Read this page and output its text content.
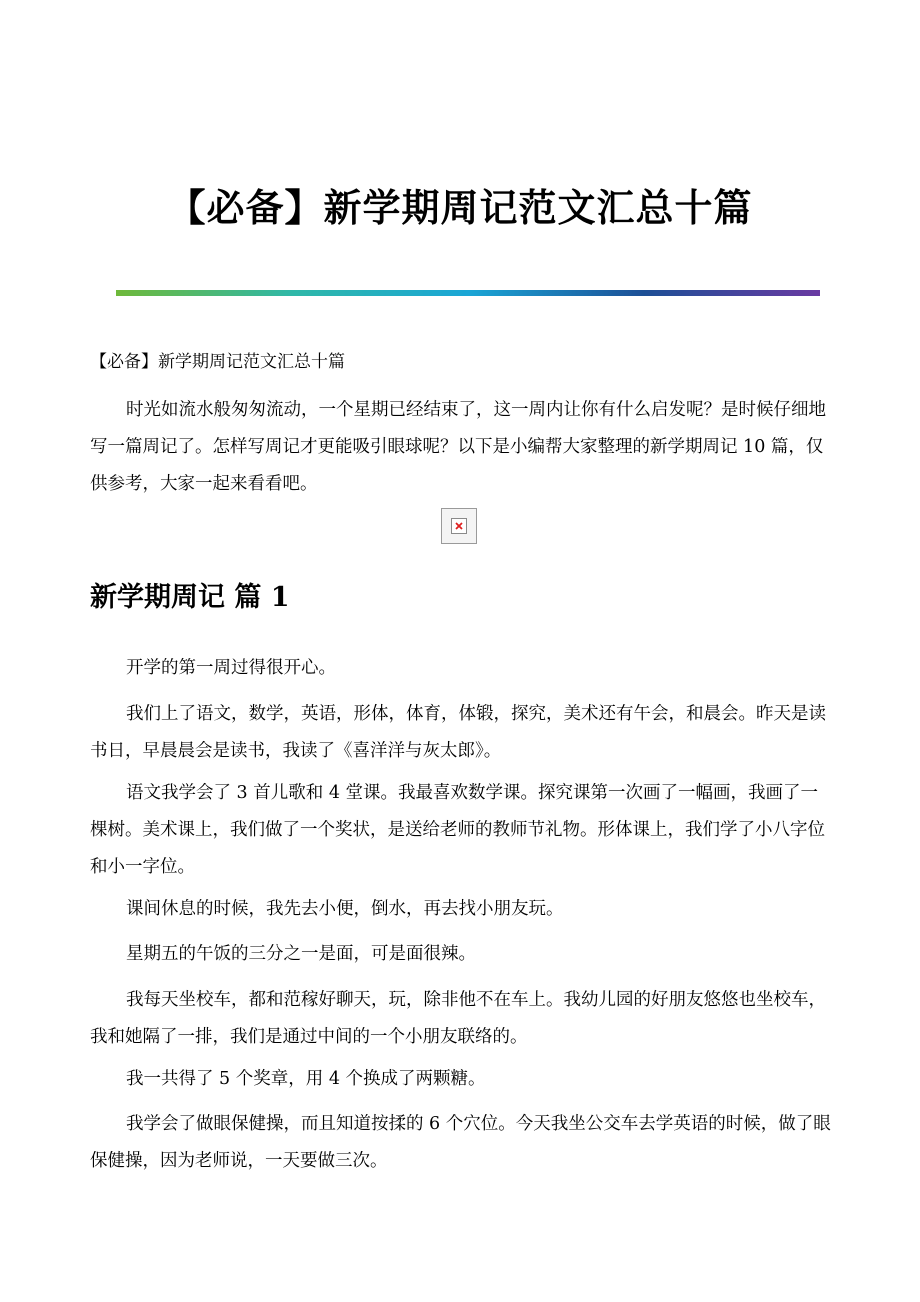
【必备】新学期周记范文汇总十篇
【必备】新学期周记范文汇总十篇

时光如流水般匆匆流动，一个星期已经结束了，这一周内让你有什么启发呢？是时候仔细地写一篇周记了。怎样写周记才更能吸引眼球呢？以下是小编帮大家整理的新学期周记 10 篇，仅供参考，大家一起来看看吧。

新学期周记 篇 1

开学的第一周过得很开心。

我们上了语文，数学，英语，形体，体育，体锻，探究，美术还有午会，和晨会。昨天是读书日，早晨晨会是读书，我读了《喜洋洋与灰太郎》。

语文我学会了 3 首儿歌和 4 堂课。我最喜欢数学课。探究课第一次画了一幅画，我画了一棵树。美术课上，我们做了一个奖状，是送给老师的教师节礼物。形体课上，我们学了小八字位和小一字位。

课间休息的时候，我先去小便，倒水，再去找小朋友玩。

星期五的午饭的三分之一是面，可是面很辣。

我每天坐校车，都和范稼好聊天，玩，除非他不在车上。我幼儿园的好朋友悠悠也坐校车，我和她隔了一排，我们是通过中间的一个小朋友联络的。

我一共得了 5 个奖章，用 4 个换成了两颗糖。

我学会了做眼保健操，而且知道按揉的 6 个穴位。今天我坐公交车去学英语的时候，做了眼保健操，因为老师说，一天要做三次。
